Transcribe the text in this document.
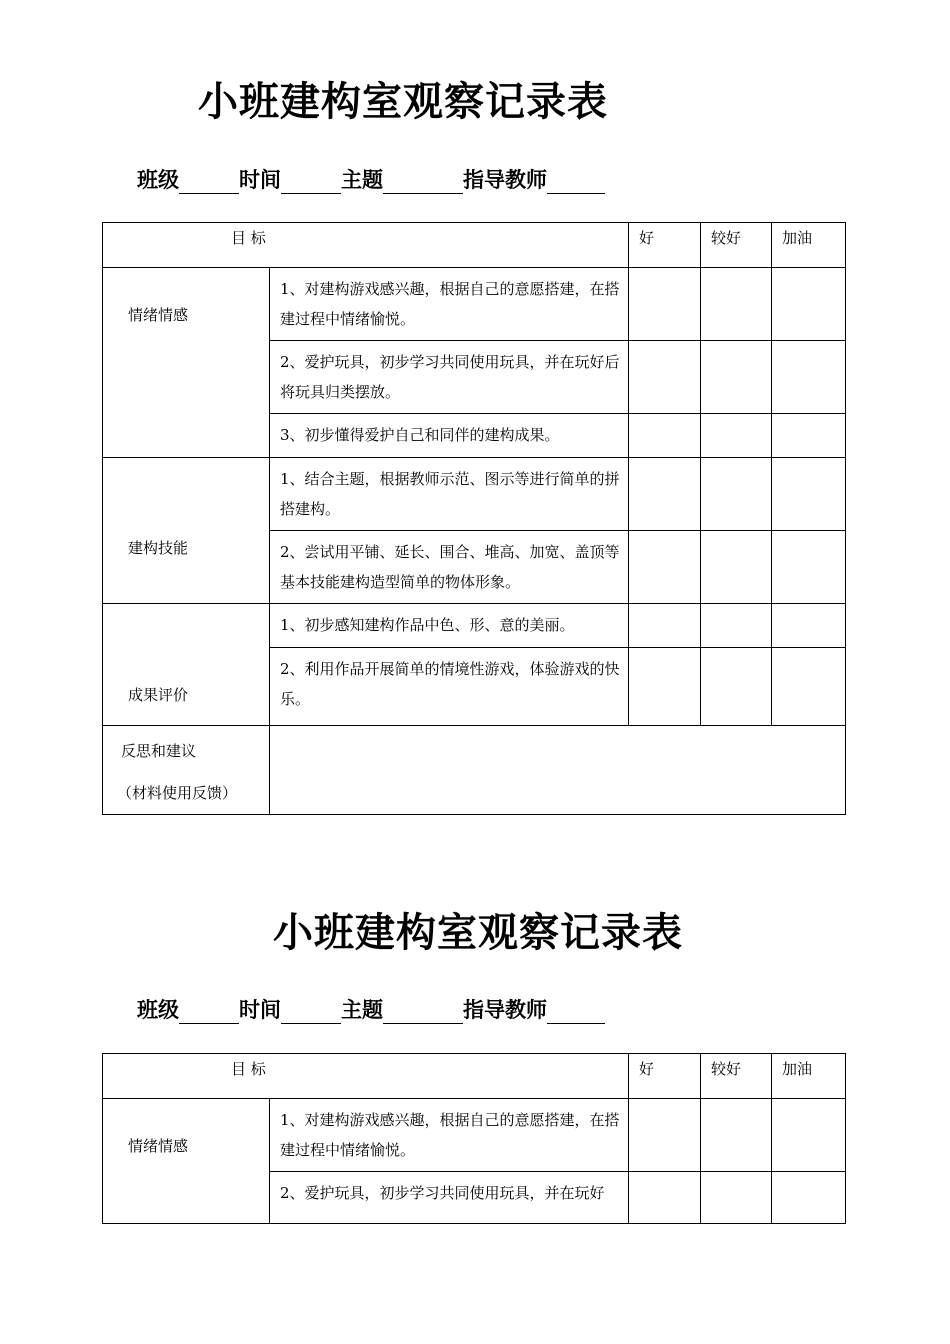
小班建构室观察记录表
班级	时间	主题	指导教师
目 标		好	较好	加油

情绪情感	1、对建构游戏感兴趣，根据自己的意愿搭建，在搭建过程中情绪愉悦。			

	2、爱护玩具，初步学习共同使用玩具，并在玩好后将玩具归类摆放。			

	3、初步懂得爱护自己和同伴的建构成果。			

建构技能	1、结合主题，根据教师示范、图示等进行简单的拼搭建构。			

	2、尝试用平铺、延长、围合、堆高、加宽、盖顶等基本技能建构造型简单的物体形象。			

成果评价	1、初步感知建构作品中色、形、意的美丽。			

	2、利用作品开展简单的情境性游戏，体验游戏的快乐。			

反思和建议
（材料使用反馈）				

小班建构室观察记录表
班级	时间	主题	指导教师
目 标		好	较好	加油

情绪情感	1、对建构游戏感兴趣，根据自己的意愿搭建，在搭建过程中情绪愉悦。			

	2、爱护玩具，初步学习共同使用玩具，并在玩好			
